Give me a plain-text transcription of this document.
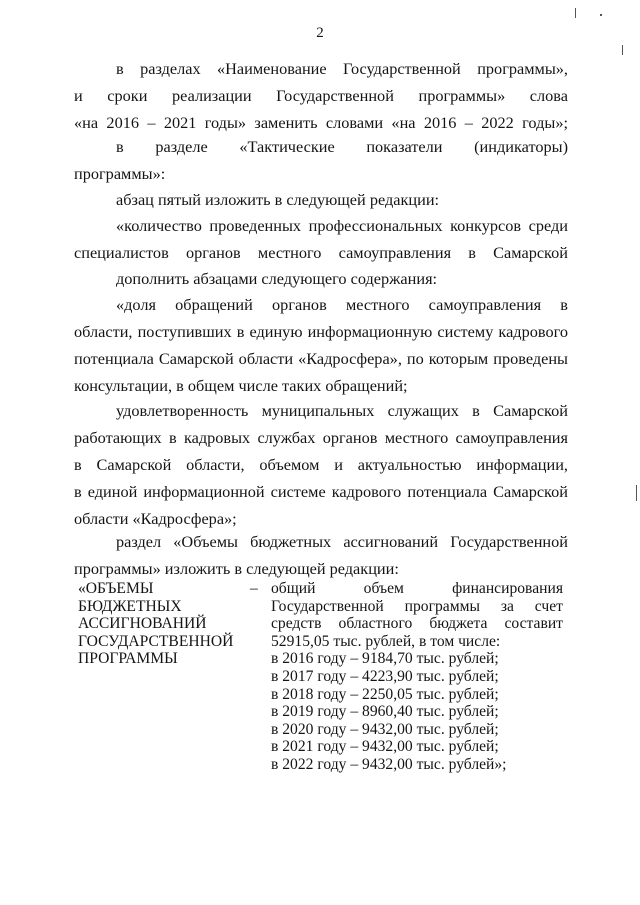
2
в разделах «Наименование Государственной программы»,
и сроки реализации Государственной программы» слова
«на 2016 – 2021 годы» заменить словами «на 2016 – 2022 годы»;
в разделе «Тактические показатели (индикаторы)
программы»:
абзац пятый изложить в следующей редакции:
«количество проведенных профессиональных конкурсов среди
специалистов органов местного самоуправления в Самарской
дополнить абзацами следующего содержания:
«доля обращений органов местного самоуправления в
области, поступивших в единую информационную систему кадрового
потенциала Самарской области «Кадросфера», по которым проведены
консультации, в общем числе таких обращений;
удовлетворенность муниципальных служащих в Самарской
работающих в кадровых службах органов местного самоуправления
в Самарской области, объемом и актуальностью информации,
в единой информационной системе кадрового потенциала Самарской
области «Кадросфера»;
раздел «Объемы бюджетных ассигнований Государственной
программы» изложить в следующей редакции:
«ОБЪЕМЫ
БЮДЖЕТНЫХ
АССИГНОВАНИЙ
ГОСУДАРСТВЕННОЙ
ПРОГРАММЫ
– общий объем финансирования
Государственной программы за счет
средств областного бюджета составит
52915,05 тыс. рублей, в том числе:
в 2016 году – 9184,70 тыс. рублей;
в 2017 году – 4223,90 тыс. рублей;
в 2018 году – 2250,05 тыс. рублей;
в 2019 году – 8960,40 тыс. рублей;
в 2020 году – 9432,00 тыс. рублей;
в 2021 году – 9432,00 тыс. рублей;
в 2022 году – 9432,00 тыс. рублей»;
